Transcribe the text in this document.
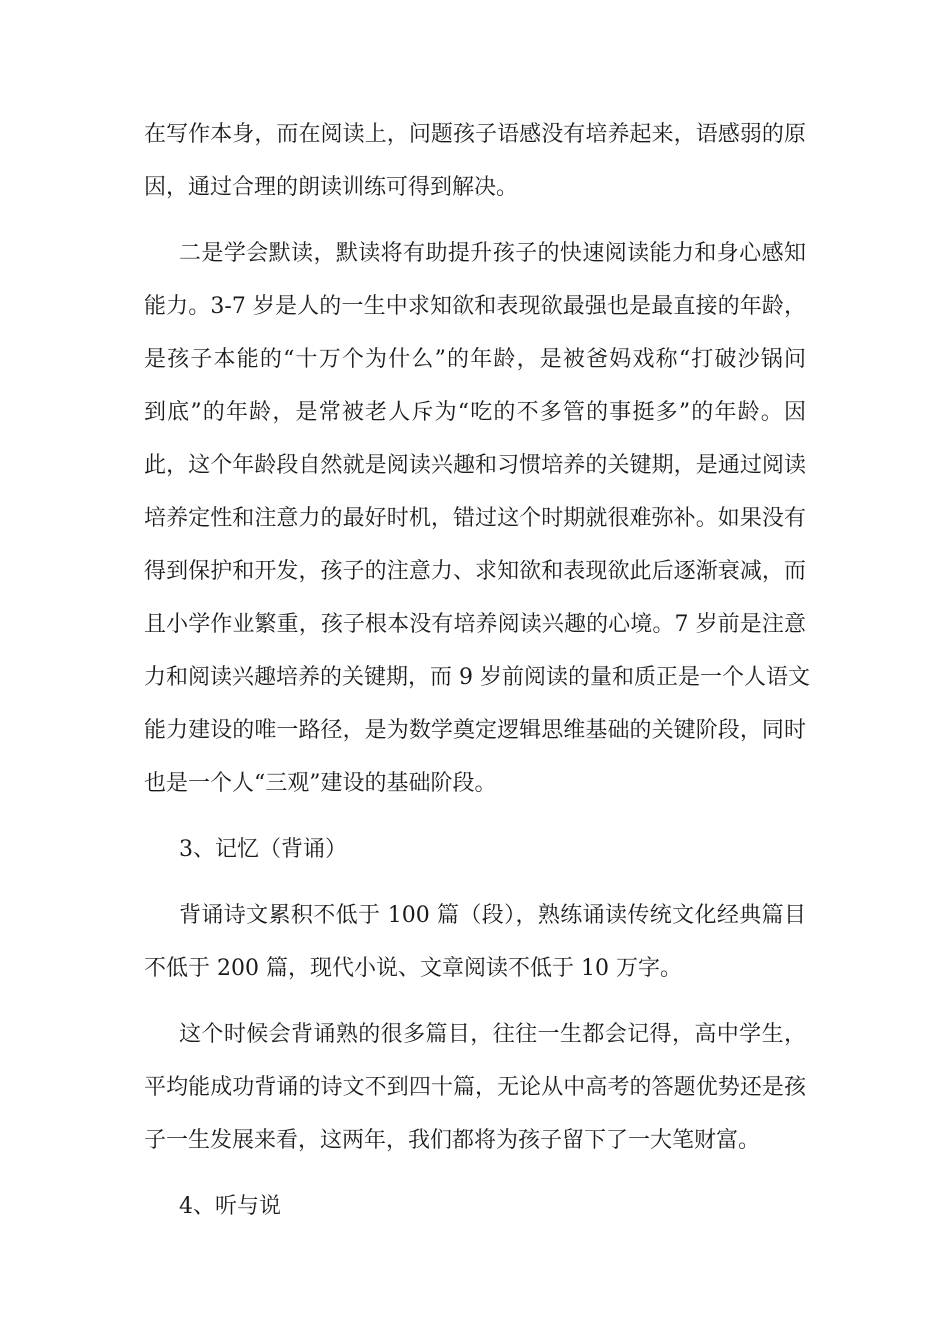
在写作本身，而在阅读上，问题孩子语感没有培养起来，语感弱的原

因，通过合理的朗读训练可得到解决。

二是学会默读，默读将有助提升孩子的快速阅读能力和身心感知

能力。3-7 岁是人的一生中求知欲和表现欲最强也是最直接的年龄，

是孩子本能的“十万个为什么”的年龄，是被爸妈戏称“打破沙锅问

到底”的年龄，是常被老人斥为“吃的不多管的事挺多”的年龄。因

此，这个年龄段自然就是阅读兴趣和习惯培养的关键期，是通过阅读

培养定性和注意力的最好时机，错过这个时期就很难弥补。如果没有

得到保护和开发，孩子的注意力、求知欲和表现欲此后逐渐衰减，而

且小学作业繁重，孩子根本没有培养阅读兴趣的心境。7 岁前是注意

力和阅读兴趣培养的关键期，而 9 岁前阅读的量和质正是一个人语文

能力建设的唯一路径，是为数学奠定逻辑思维基础的关键阶段，同时

也是一个人“三观”建设的基础阶段。

3、记忆（背诵）

背诵诗文累积不低于 100 篇（段），熟练诵读传统文化经典篇目

不低于 200 篇，现代小说、文章阅读不低于 10 万字。

这个时候会背诵熟的很多篇目，往往一生都会记得，高中学生，

平均能成功背诵的诗文不到四十篇，无论从中高考的答题优势还是孩

子一生发展来看，这两年，我们都将为孩子留下了一大笔财富。

4、听与说
